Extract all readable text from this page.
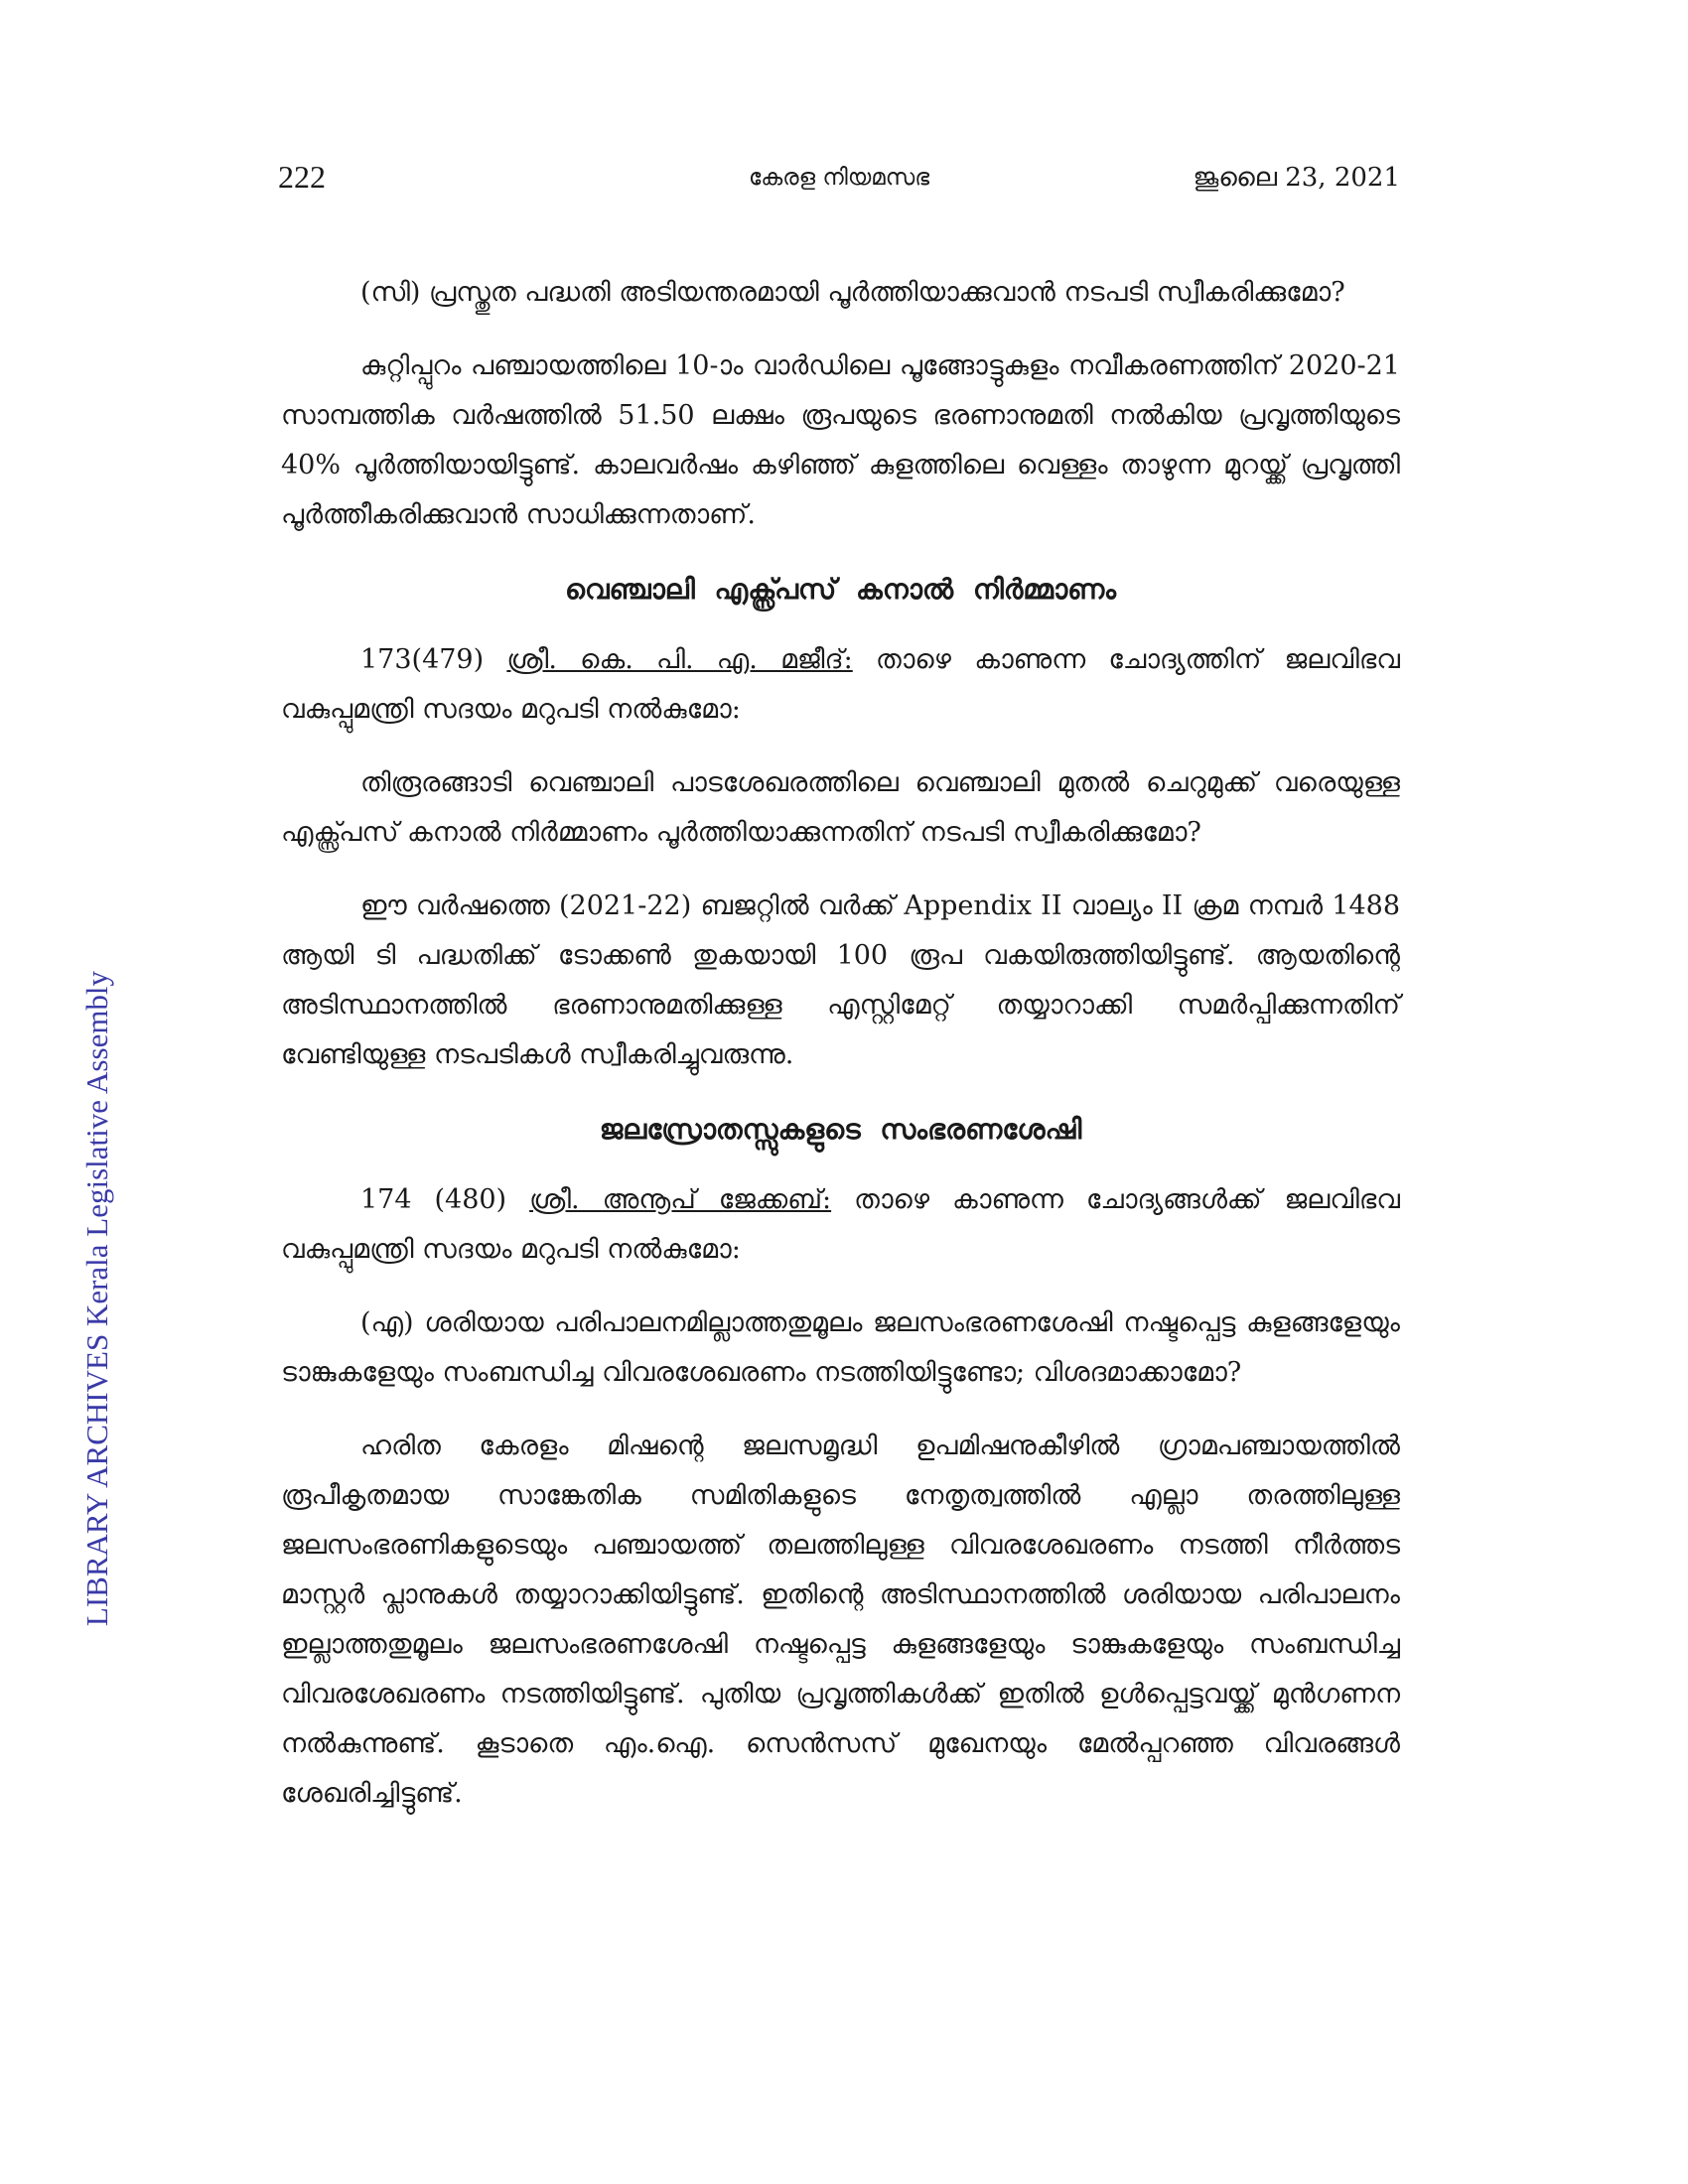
222	കേരള നിയമസഭ	ജൂലൈ 23, 2021
LIBRARY ARCHIVES Kerala Legislative Assembly

(സി) പ്രസ്തുത പദ്ധതി അടിയന്തരമായി പൂർത്തിയാക്കുവാൻ നടപടി സ്വീകരിക്കുമോ?

കുറ്റിപ്പുറം പഞ്ചായത്തിലെ 10-ാം വാർഡിലെ പൂങ്ങോട്ടുകുളം നവീകരണത്തിന് 2020-21 സാമ്പത്തിക വർഷത്തിൽ 51.50 ലക്ഷം രൂപയുടെ ഭരണാനുമതി നൽകിയ പ്രവൃത്തിയുടെ 40% പൂർത്തിയായിട്ടുണ്ട്. കാലവർഷം കഴിഞ്ഞ് കുളത്തിലെ വെള്ളം താഴുന്ന മുറയ്ക്ക് പ്രവൃത്തി പൂർത്തീകരിക്കുവാൻ സാധിക്കുന്നതാണ്.

വെഞ്ചാലി എക്സ്പ്രസ് കനാൽ നിർമ്മാണം

173(479) ശ്രീ. കെ. പി. എ. മജീദ്: താഴെ കാണുന്ന ചോദ്യത്തിന് ജലവിഭവ വകുപ്പുമന്ത്രി സദയം മറുപടി നൽകുമോ:

തിരൂരങ്ങാടി വെഞ്ചാലി പാടശേഖരത്തിലെ വെഞ്ചാലി മുതൽ ചെറുമുക്ക് വരെയുള്ള എക്സ്പ്രസ് കനാൽ നിർമ്മാണം പൂർത്തിയാക്കുന്നതിന് നടപടി സ്വീകരിക്കുമോ?

ഈ വർഷത്തെ (2021-22) ബജറ്റിൽ വർക്ക് Appendix II വാല്യം II ക്രമ നമ്പർ 1488 ആയി ടി പദ്ധതിക്ക് ടോക്കൺ തുകയായി 100 രൂപ വകയിരുത്തിയിട്ടുണ്ട്. ആയതിന്റെ അടിസ്ഥാനത്തിൽ ഭരണാനുമതിക്കുള്ള എസ്റ്റിമേറ്റ് തയ്യാറാക്കി സമർപ്പിക്കുന്നതിന് വേണ്ടിയുള്ള നടപടികൾ സ്വീകരിച്ചുവരുന്നു.

ജലസ്രോതസ്സുകളുടെ സംഭരണശേഷി

174 (480) ശ്രീ. അനൂപ് ജേക്കബ്: താഴെ കാണുന്ന ചോദ്യങ്ങൾക്ക് ജലവിഭവ വകുപ്പുമന്ത്രി സദയം മറുപടി നൽകുമോ:

(എ) ശരിയായ പരിപാലനമില്ലാത്തതുമൂലം ജലസംഭരണശേഷി നഷ്ടപ്പെട്ട കുളങ്ങളേയും ടാങ്കുകളേയും സംബന്ധിച്ച വിവരശേഖരണം നടത്തിയിട്ടുണ്ടോ; വിശദമാക്കാമോ?

ഹരിത കേരളം മിഷന്റെ ജലസമൃദ്ധി ഉപമിഷനുകീഴിൽ ഗ്രാമപഞ്ചായത്തിൽ രൂപീകൃതമായ സാങ്കേതിക സമിതികളുടെ നേതൃത്വത്തിൽ എല്ലാ തരത്തിലുള്ള ജലസംഭരണികളുടെയും പഞ്ചായത്ത് തലത്തിലുള്ള വിവരശേഖരണം നടത്തി നീർത്തട മാസ്റ്റർ പ്ലാനുകൾ തയ്യാറാക്കിയിട്ടുണ്ട്. ഇതിന്റെ അടിസ്ഥാനത്തിൽ ശരിയായ പരിപാലനം ഇല്ലാത്തതുമൂലം ജലസംഭരണശേഷി നഷ്ടപ്പെട്ട കുളങ്ങളേയും ടാങ്കുകളേയും സംബന്ധിച്ച വിവരശേഖരണം നടത്തിയിട്ടുണ്ട്. പുതിയ പ്രവൃത്തികൾക്ക് ഇതിൽ ഉൾപ്പെട്ടവയ്ക്ക് മുൻഗണന നൽകുന്നുണ്ട്. കൂടാതെ എം.ഐ. സെൻസസ് മുഖേനയും മേൽപ്പറഞ്ഞ വിവരങ്ങൾ ശേഖരിച്ചിട്ടുണ്ട്.
